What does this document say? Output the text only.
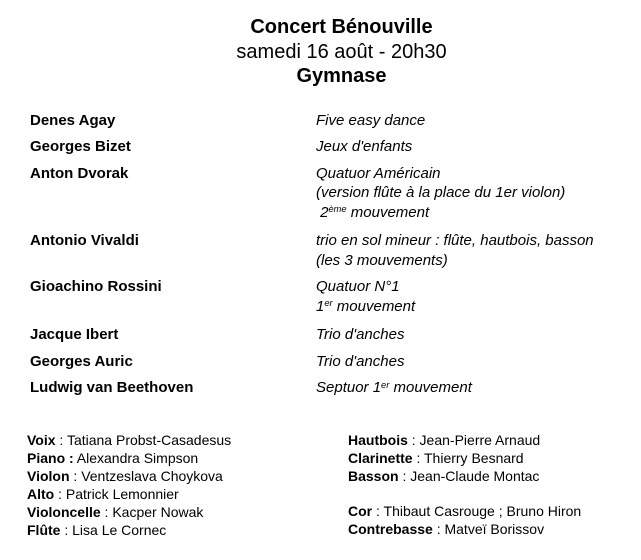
Concert Bénouville
samedi 16 août - 20h30
Gymnase
Denes Agay	Five easy dance
Georges Bizet	Jeux d'enfants
Anton Dvorak	Quatuor Américain
(version flûte à la place du 1er violon)
2ème mouvement
Antonio Vivaldi	trio en sol mineur : flûte, hautbois, basson
(les 3 mouvements)
Gioachino Rossini	Quatuor N°1
1er mouvement
Jacque Ibert	Trio d'anches
Georges Auric	Trio d'anches
Ludwig van Beethoven	Septuor 1er mouvement
Voix : Tatiana Probst-Casadesus
Piano : Alexandra Simpson
Violon : Ventzeslava Choykova
Alto : Patrick Lemonnier
Violoncelle : Kacper Nowak
Flûte : Lisa Le Cornec
Hautbois : Jean-Pierre Arnaud
Clarinette : Thierry Besnard
Basson : Jean-Claude Montac
Cor : Thibaut Casrouge ; Bruno Hiron
Contrebasse : Matveï Borissov
